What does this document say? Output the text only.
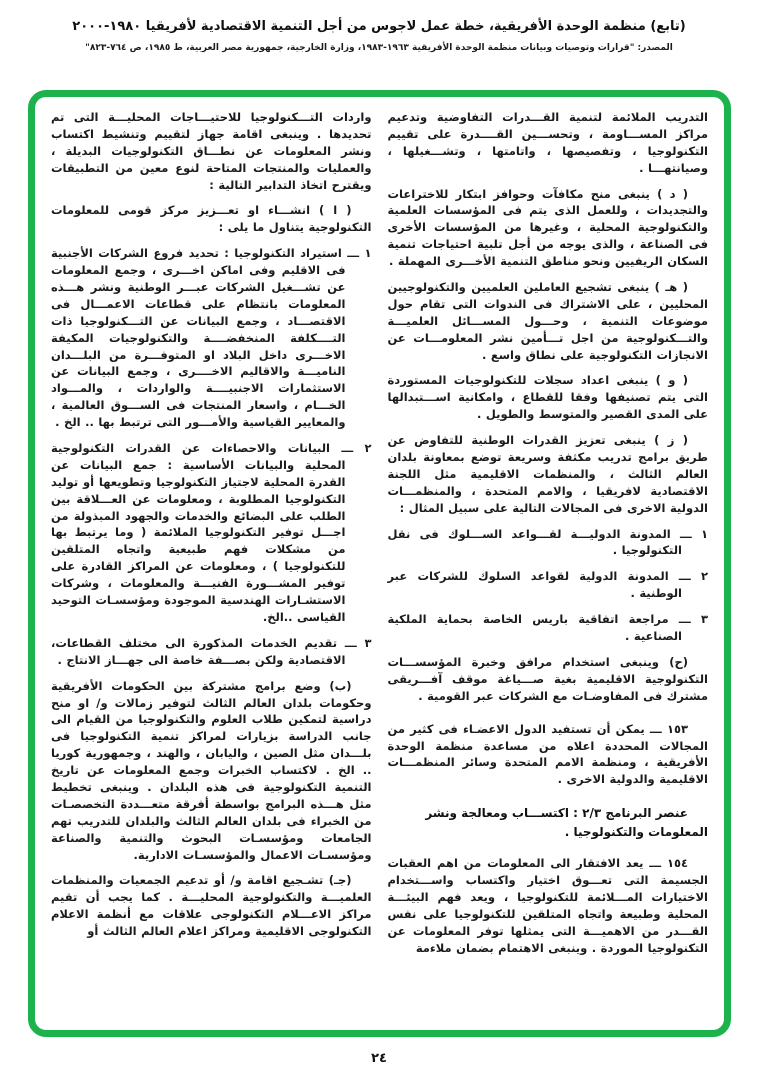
(تابع) منظمة الوحدة الأفريقية، خطة عمل لاجوس من أجل التنمية الاقتصادية لأفريقيا ١٩٨٠-٢٠٠٠
المصدر: "قرارات وتوصيات وبيانات منظمة الوحدة الأفريقية ١٩٦٣-١٩٨٣، وزارة الخارجية، جمهورية مصر العربية، ط ١٩٨٥، ص ٧٦٤-٨٢٣"

التدريب الملائمة لتنمية القـــدرات التفاوضية وتدعيم مراكز المســـاومة ، وتحســـين القــــدرة على تقييم التكنولوجيا ، وتفصيصها ، واتامتها ، وتشـــغيلها ، وصيانتهـــا .

( د ) ينبغى منح مكافآت وحوافز ابتكار للاختراعات والتجديدات ، وللعمل الذى يتم فى المؤسسات العلمية والتكنولوجية المحلية ، وغيرها من المؤسسات الأخرى فى الصناعة ، والذى يوجه من أجل تلبية احتياجات تنمية السكان الريفيين ونحو مناطق التنمية الأخـــرى المهملة .

( هـ ) ينبغى تشجيع العاملين العلميين والتكنولوجيين المحليين ، على الاشتراك فى الندوات التى تقام حول موضوعات التنمية ، وحـــول المســـائل العلميـــة والتـــكنولوجية من اجل تـــأمين نشر المعلومـــات عن الانجازات التكنولوجية على نطاق واسع .

( و ) ينبغى اعداد سجلات للتكنولوجيات المستوردة التى يتم تصنيفها وفقا للقطاع ، وامكانية اســـتبدالها على المدى القصير والمتوسط والطويل .

( ز ) ينبغى تعزيز القدرات الوطنية للتفاوض عن طريق برامج تدريب مكثفة وسريعة توضع بمعاونة بلدان العالم الثالث ، والمنظمات الاقليمية مثل اللجنة الاقتصادية لافريقيا ، والامم المتحدة ، والمنظمـــات الدولية الاخرى فى المجالات التالية على سبيل المثال :

١ ـــ المدونة الدوليـــة لقـــواعد الســـلوك فى نقل التكنولوجيا .

٢ ـــ المدونة الدولية لقواعد السلوك للشركات عبر الوطنية .

٣ ـــ مراجعة اتفاقية باريس الخاصة بحماية الملكية الصناعية .

(ح) وينبغى استخدام مرافق وخبرة المؤسســـات التكنولوجية الاقليمية بغية صـــياغة موقف آفـــريقى مشترك فى المفاوضـات مع الشركات عبر القومية .

١٥٣ ـــ يمكن أن تستفيد الدول الاعضـاء فى كثير من المجالات المحددة اعلاه من مساعدة منظمة الوحدة الأفريقية ، ومنظمة الامم المتحدة وسائر المنظمـــات الاقليمية والدولية الاخرى .

عنصر البرنامج ٢/٣ : اكتســـاب ومعالجة ونشر المعلومات والتكنولوجيا .

١٥٤ ـــ يعد الافتقار الى المعلومات من اهم العقبات الجسيمة التى تعـــوق اختيار واكتساب واســـتخدام الاختيارات المـــلائمة للتكنولوجيا ، ويعد فهم البيئـــة المحلية وطبيعة واتجاه المتلقين للتكنولوجيا على نفس القـــدر من الاهميـــة التى يمثلها توفر المعلومات عن التكنولوجيا الموردة . وينبغى الاهتمام بضمان ملاءمة

واردات التـــكنولوجيا للاحتيـــاجات المحليـــة التى تم تحديدها . وينبغى اقامة جهاز لتقييم وتنشيط اكتساب ونشر المعلومات عن نطـــاق التكنولوجيات البديلة ، والعمليات والمنتجات المتاحة لنوع معين من التطبيقات ويقترح اتخاذ التدابير التالية :

( ا ) انشـــاء او تعـــزيز مركز قومى للمعلومات التكنولوجية يتناول ما يلى :

١ ـــ استيراد التكنولوجيا : تحديد فروع الشركات الأجنبية فى الاقليم وفى اماكن اخـــرى ، وجمع المعلومات عن تشـــغيل الشركات عبـــر الوطنية ونشر هـــذه المعلومات بانتظام على قطاعات الاعمـــال فى الاقتصـــاد ، وجمع البيانات عن التـــكنولوجيا ذات التــــكلفة المنخفضــــة والتكنولوجيات المكيفة الاخـــرى داخل البلاد او المتوفـــرة من البلـــدان الناميـــة والاقاليم الاخــــرى ، وجمع البيانات عن الاستثمارات الاجنبيــــة والواردات ، والمـــواد الخـــام ، واسعار المنتجات فى الســـوق العالمية ، والمعايير القياسية والأمـــور التى ترتبط بها .. الخ .

٢ ـــ البيانات والاحصاءات عن القدرات التكنولوجية المحلية والبيانات الأساسية : جمع البيانات عن القدرة المحلية لاجتياز التكنولوجيا وتطويعها أو توليد التكنولوجيا المطلوبة ، ومعلومات عن العـــلاقة بين الطلب على البضائع والخدمات والجهود المبذولة من اجـــل توفير التكنولوجيا الملائمة ( وما يرتبط بها من مشكلات فهم طبيعية واتجاه المتلقين للتكنولوجيا ) ، ومعلومات عن المراكز القادرة على توفير المشـــورة الفنيـــة والمعلومات ، وشركات الاستشـارات الهندسية الموجودة ومؤسسـات التوحيد القياسى ..الخ.

٣ ـــ تقديم الخدمات المذكورة الى مختلف القطاعات، الاقتصادية ولكن بصـــفة خاصة الى جهـــاز الانتاج .

(ب) وضع برامج مشتركة بين الحكومات الأفريقية وحكومات بلدان العالم الثالث لتوفير زمالات و/ او منح دراسية لتمكين طلاب العلوم والتكنولوجيا من القيام الى جانب الدراسة بزيارات لمراكز تنمية التكنولوجيا فى بلـــدان مثل الصين ، واليابان ، والهند ، وجمهورية كوريا .. الخ . لاكتساب الخبرات وجمع المعلومات عن تاريخ التنمية التكنولوجية فى هذه البلدان . وينبغى تخطيط مثل هـــذه البرامج بواسطة أفرقة متعـــددة التخصصـات من الخبراء فى بلدان العالم الثالث والبلدان للتدريب تهم الجامعات ومؤسسـات البحوث والتنمية والصناعة ومؤسسـات الاعمال والمؤسسـات الادارية.

(جـ) تشـجيع اقامة و/ أو تدعيم الجمعيات والمنظمات العلميـــة والتكنولوجية المحليـــة . كما يجب أن تقيم مراكز الاعـــلام التكنولوجى علاقات مع أنظمة الاعلام التكنولوجى الاقليمية ومراكز اعلام العالم الثالث أو

٢٤
